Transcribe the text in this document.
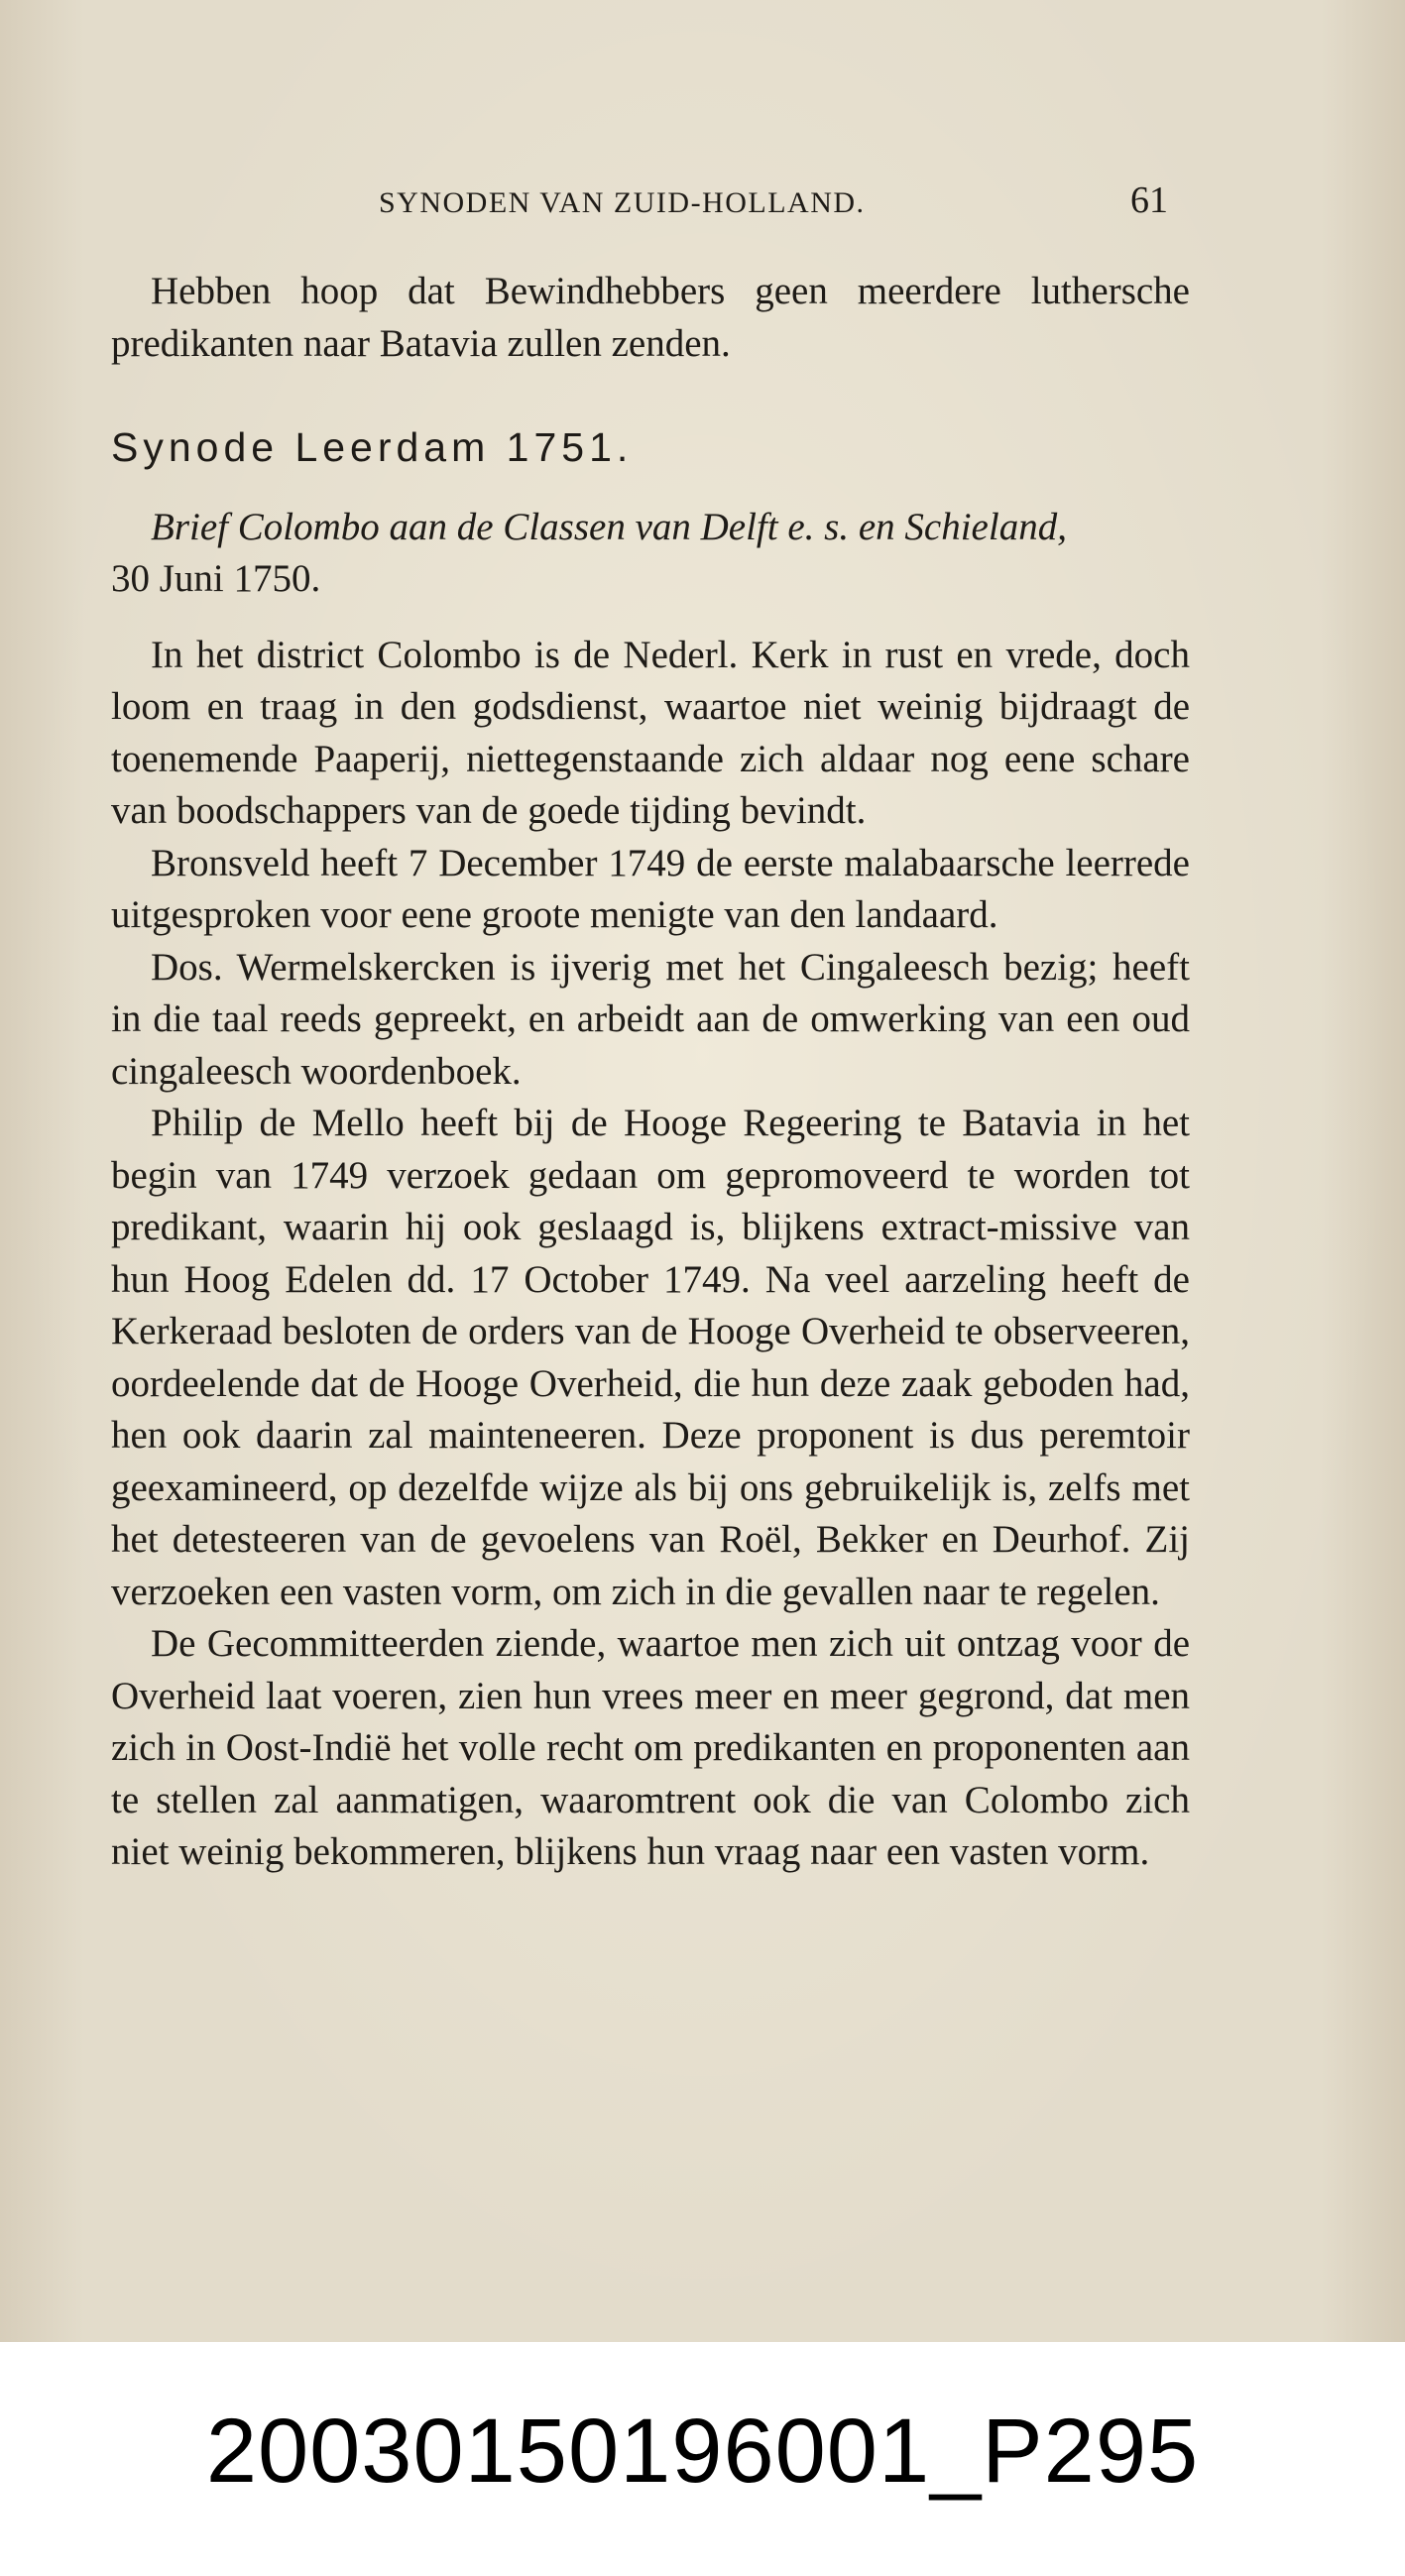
SYNODEN VAN ZUID-HOLLAND.	61

Hebben hoop dat Bewindhebbers geen meerdere luthersche predikanten naar Batavia zullen zenden.

Synode Leerdam 1751.

Brief Colombo aan de Classen van Delft e. s. en Schieland,
30 Juni 1750.

In het district Colombo is de Nederl. Kerk in rust en vrede, doch loom en traag in den godsdienst, waartoe niet weinig bijdraagt de toenemende Paaperij, niettegenstaande zich aldaar nog eene schare van boodschappers van de goede tijding bevindt.

Bronsveld heeft 7 December 1749 de eerste malabaarsche leerrede uitgesproken voor eene groote menigte van den landaard.

Dos. Wermelskercken is ijverig met het Cingaleesch bezig; heeft in die taal reeds gepreekt, en arbeidt aan de omwerking van een oud cingaleesch woordenboek.

Philip de Mello heeft bij de Hooge Regeering te Batavia in het begin van 1749 verzoek gedaan om gepromoveerd te worden tot predikant, waarin hij ook geslaagd is, blijkens extract-missive van hun Hoog Edelen dd. 17 October 1749. Na veel aarzeling heeft de Kerkeraad besloten de orders van de Hooge Overheid te observeeren, oordeelende dat de Hooge Overheid, die hun deze zaak geboden had, hen ook daarin zal mainteneeren. Deze proponent is dus peremtoir geexamineerd, op dezelfde wijze als bij ons gebruikelijk is, zelfs met het detesteeren van de gevoelens van Roël, Bekker en Deurhof. Zij verzoeken een vasten vorm, om zich in die gevallen naar te regelen.

De Gecommitteerden ziende, waartoe men zich uit ontzag voor de Overheid laat voeren, zien hun vrees meer en meer gegrond, dat men zich in Oost-Indië het volle recht om predikanten en proponenten aan te stellen zal aanmatigen, waaromtrent ook die van Colombo zich niet weinig bekommeren, blijkens hun vraag naar een vasten vorm.

20030150196001_P295
